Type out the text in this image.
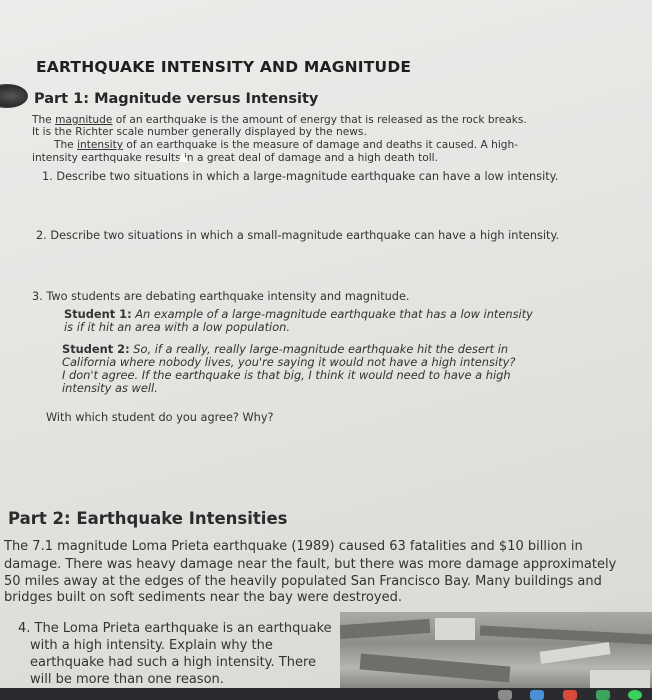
EARTHQUAKE INTENSITY AND MAGNITUDE
Part 1: Magnitude versus Intensity
The magnitude of an earthquake is the amount of energy that is released as the rock breaks.
It is the Richter scale number generally displayed by the news.
The intensity of an earthquake is the measure of damage and deaths it caused. A high-
intensity earthquake results in a great deal of damage and a high death toll.
1. Describe two situations in which a large-magnitude earthquake can have a low intensity.
2. Describe two situations in which a small-magnitude earthquake can have a high intensity.
3. Two students are debating earthquake intensity and magnitude.
Student 1: An example of a large-magnitude earthquake that has a low intensity
is if it hit an area with a low population.
Student 2: So, if a really, really large-magnitude earthquake hit the desert in
California where nobody lives, you're saying it would not have a high intensity?
I don't agree. If the earthquake is that big, I think it would need to have a high
intensity as well.
With which student do you agree? Why?
Part 2: Earthquake Intensities
The 7.1 magnitude Loma Prieta earthquake (1989) caused 63 fatalities and $10 billion in
damage. There was heavy damage near the fault, but there was more damage approximately
50 miles away at the edges of the heavily populated San Francisco Bay. Many buildings and
bridges built on soft sediments near the bay were destroyed.
4. The Loma Prieta earthquake is an earthquake
with a high intensity. Explain why the
earthquake had such a high intensity. There
will be more than one reason.
